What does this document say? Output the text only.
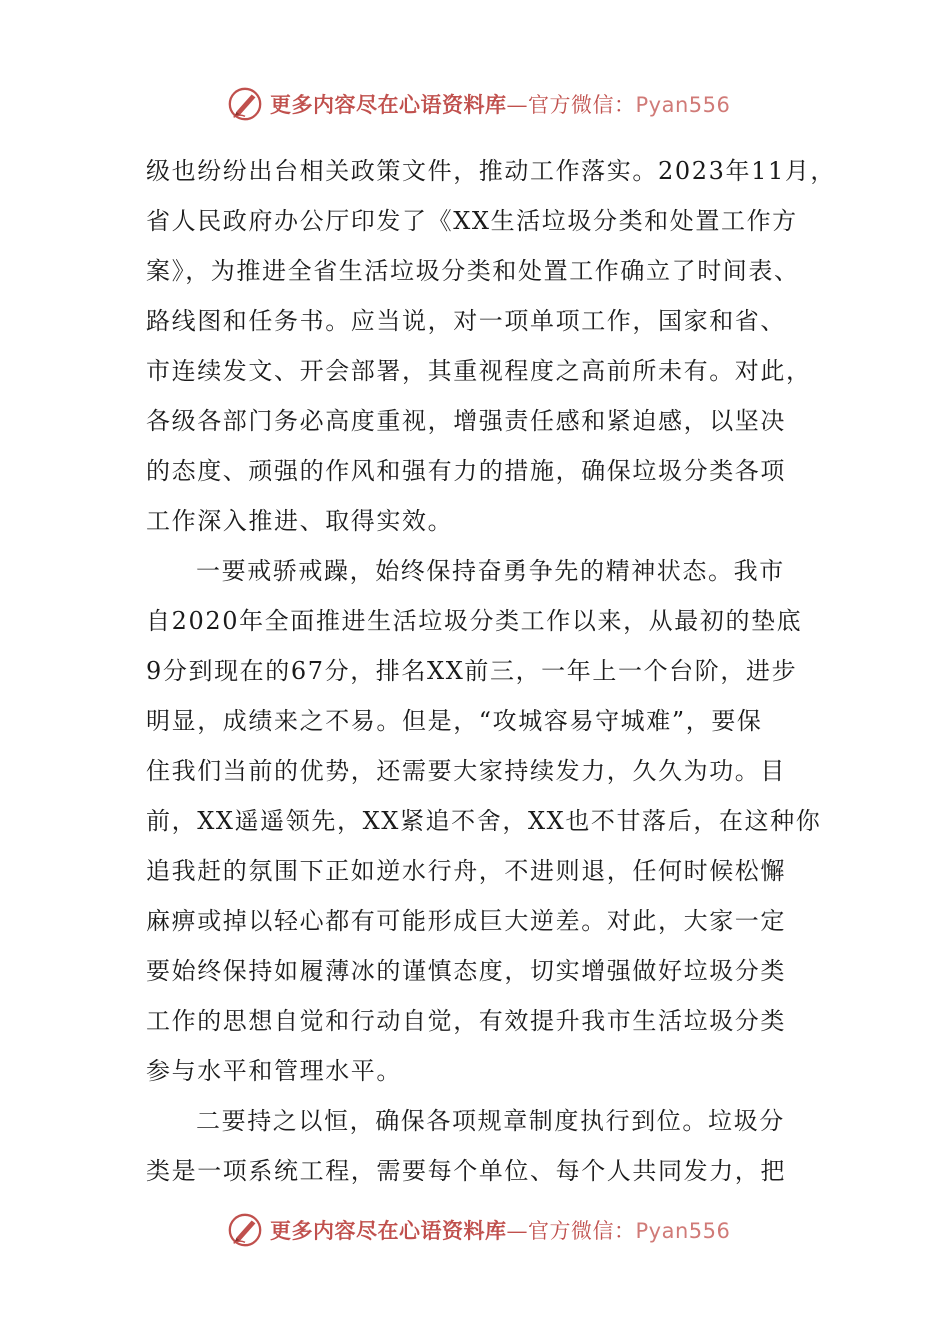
更多内容尽在心语资料库—官方微信：Pyan556
级也纷纷出台相关政策文件，推动工作落实。2023年11月，
省人民政府办公厅印发了《XX生活垃圾分类和处置工作方
案》，为推进全省生活垃圾分类和处置工作确立了时间表、
路线图和任务书。应当说，对一项单项工作，国家和省、
市连续发文、开会部署，其重视程度之高前所未有。对此，
各级各部门务必高度重视，增强责任感和紧迫感，以坚决
的态度、顽强的作风和强有力的措施，确保垃圾分类各项
工作深入推进、取得实效。
一要戒骄戒躁，始终保持奋勇争先的精神状态。我市
自2020年全面推进生活垃圾分类工作以来，从最初的垫底
9分到现在的67分，排名XX前三，一年上一个台阶，进步
明显，成绩来之不易。但是，“攻城容易守城难”，要保
住我们当前的优势，还需要大家持续发力，久久为功。目
前，XX遥遥领先，XX紧追不舍，XX也不甘落后，在这种你
追我赶的氛围下正如逆水行舟，不进则退，任何时候松懈
麻痹或掉以轻心都有可能形成巨大逆差。对此，大家一定
要始终保持如履薄冰的谨慎态度，切实增强做好垃圾分类
工作的思想自觉和行动自觉，有效提升我市生活垃圾分类
参与水平和管理水平。
二要持之以恒，确保各项规章制度执行到位。垃圾分
类是一项系统工程，需要每个单位、每个人共同发力，把
更多内容尽在心语资料库—官方微信：Pyan556
